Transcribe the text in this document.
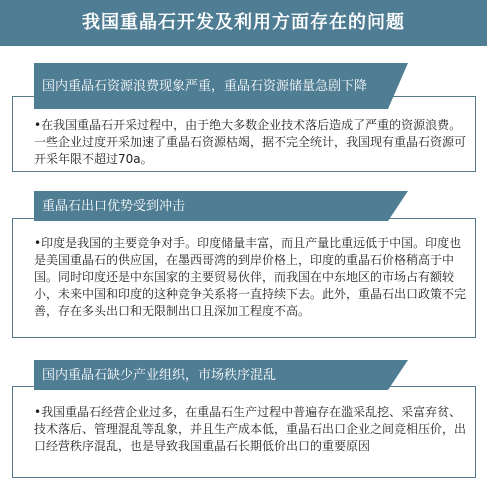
我国重晶石开发及利用方面存在的问题
国内重晶石资源浪费现象严重，重晶石资源储量急剧下降
•在我国重晶石开采过程中，由于绝大多数企业技术落后造成了严重的资源浪费。一些企业过度开采加速了重晶石资源枯竭，据不完全统计，我国现有重晶石资源可开采年限不超过70a。
重晶石出口优势受到冲击
•印度是我国的主要竞争对手。印度储量丰富，而且产量比重远低于中国。印度也是美国重晶石的供应国，在墨西哥湾的到岸价格上，印度的重晶石价格稍高于中国。同时印度还是中东国家的主要贸易伙伴，而我国在中东地区的市场占有额较小，未来中国和印度的这种竞争关系将一直持续下去。此外，重晶石出口政策不完善，存在多头出口和无限制出口且深加工程度不高。
国内重晶石缺少产业组织，市场秩序混乱
•我国重晶石经营企业过多，在重晶石生产过程中普遍存在滥采乱挖、采富弃贫、技术落后、管理混乱等乱象，并且生产成本低，重晶石出口企业之间竞相压价，出口经营秩序混乱，也是导致我国重晶石长期低价出口的重要原因
